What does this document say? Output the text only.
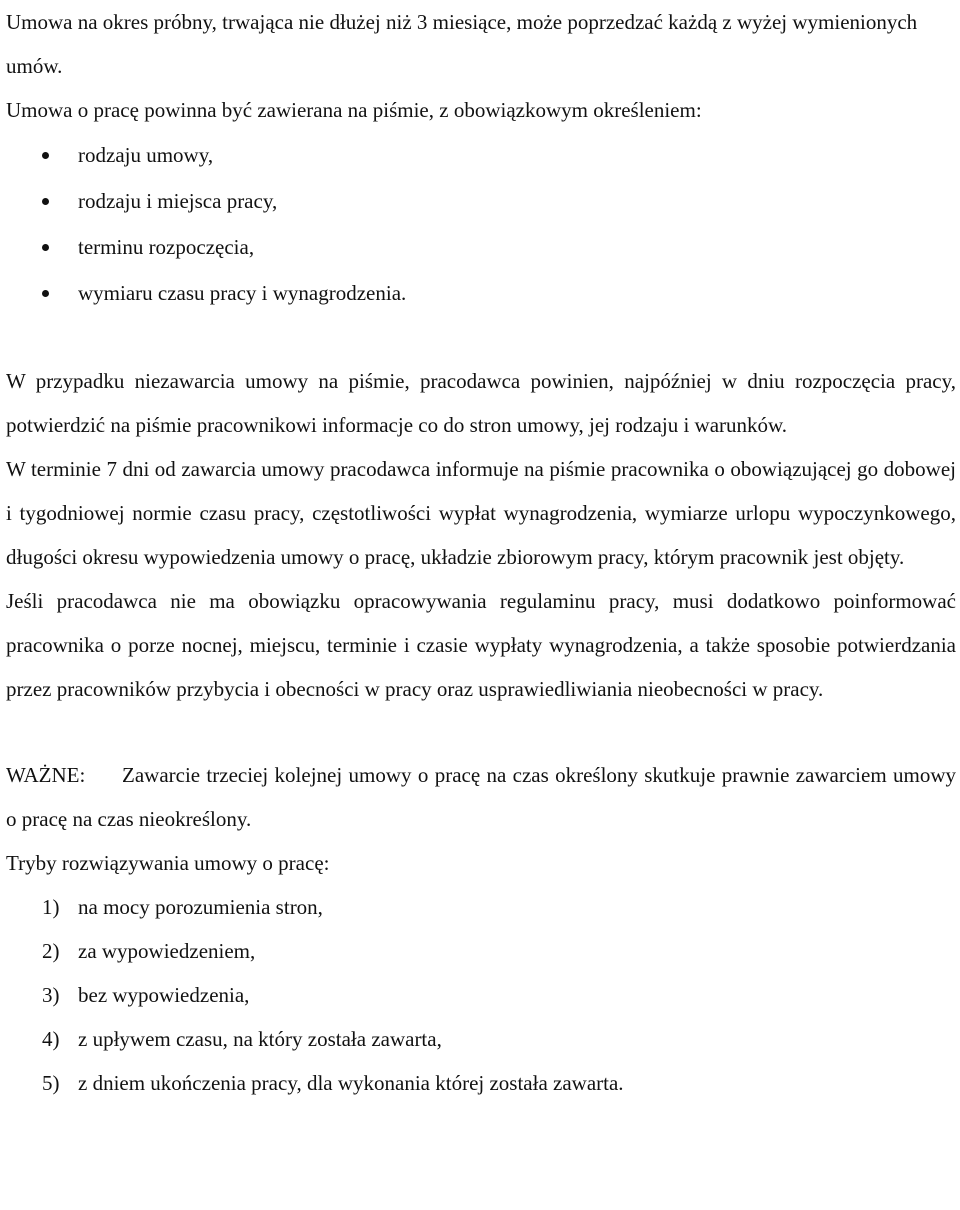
Umowa na okres próbny, trwająca nie dłużej niż 3 miesiące, może poprzedzać każdą z wyżej wymienionych umów.

Umowa o pracę powinna być zawierana na piśmie, z obowiązkowym określeniem:

rodzaju umowy,
rodzaju i miejsca pracy,
terminu rozpoczęcia,
wymiaru czasu pracy i wynagrodzenia.

W przypadku niezawarcia umowy na piśmie, pracodawca powinien, najpóźniej w dniu rozpoczęcia pracy, potwierdzić na piśmie pracownikowi informacje co do stron umowy, jej rodzaju i warunków.

W terminie 7 dni od zawarcia umowy pracodawca informuje na piśmie pracownika o obowiązującej go dobowej i tygodniowej normie czasu pracy, częstotliwości wypłat wynagrodzenia, wymiarze urlopu wypoczynkowego, długości okresu wypowiedzenia umowy o pracę, układzie zbiorowym pracy, którym pracownik jest objęty.

Jeśli pracodawca nie ma obowiązku opracowywania regulaminu pracy, musi dodatkowo poinformować pracownika o porze nocnej, miejscu, terminie i czasie wypłaty wynagrodzenia, a także sposobie potwierdzania przez pracowników przybycia i obecności w pracy oraz usprawiedliwiania nieobecności w pracy.

WAŻNE: Zawarcie trzeciej kolejnej umowy o pracę na czas określony skutkuje prawnie zawarciem umowy o pracę na czas nieokreślony.

Tryby rozwiązywania umowy o pracę:

1) na mocy porozumienia stron,
2) za wypowiedzeniem,
3) bez wypowiedzenia,
4) z upływem czasu, na który została zawarta,
5) z dniem ukończenia pracy, dla wykonania której została zawarta.
